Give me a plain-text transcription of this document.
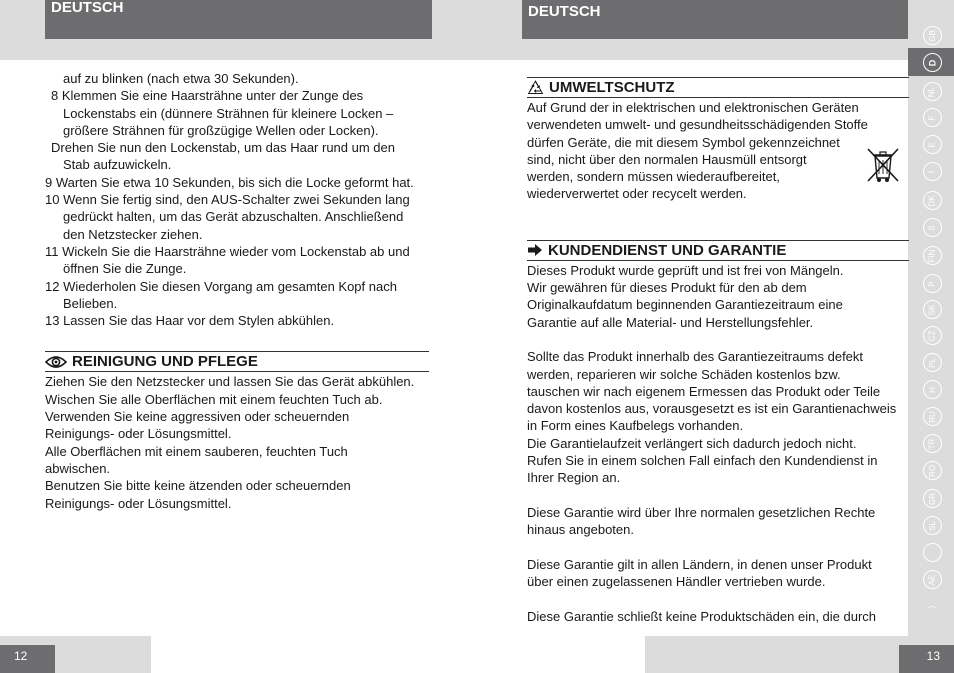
DEUTSCH	DEUTSCH
GB
D
NL
F
E
I
DK
S
FIN
P
SK
CZ
PL
H
RU
TR
RO
GR
SL
AE
)
12	13

auf zu blinken (nach etwa 30 Sekunden).

8 Klemmen Sie eine Haarsträhne unter der Zunge des

Lockenstabs ein (dünnere Strähnen für kleinere Locken –

größere Strähnen für großzügige Wellen oder Locken).

Drehen Sie nun den Lockenstab, um das Haar rund um den

Stab aufzuwickeln.

9 Warten Sie etwa 10 Sekunden, bis sich die Locke geformt hat.

10 Wenn Sie fertig sind, den AUS-Schalter zwei Sekunden lang

gedrückt halten, um das Gerät abzuschalten. Anschließend

den Netzstecker ziehen.

11 Wickeln Sie die Haarsträhne wieder vom Lockenstab ab und

öffnen Sie die Zunge.

12 Wiederholen Sie diesen Vorgang am gesamten Kopf nach

Belieben.

13 Lassen Sie das Haar vor dem Stylen abkühlen.

REINIGUNG UND PFLEGE

Ziehen Sie den Netzstecker und lassen Sie das Gerät abkühlen.

Wischen Sie alle Oberflächen mit einem feuchten Tuch ab.

Verwenden Sie keine aggressiven oder scheuernden

Reinigungs- oder Lösungsmittel.

Alle Oberflächen mit einem sauberen, feuchten Tuch

abwischen.

Benutzen Sie bitte keine ätzenden oder scheuernden

Reinigungs- oder Lösungsmittel.

UMWELTSCHUTZ

Auf Grund der in elektrischen und elektronischen Geräten

verwendeten umwelt- und gesundheitsschädigenden Stoffe

dürfen Geräte, die mit diesem Symbol gekennzeichnet

sind, nicht über den normalen Hausmüll entsorgt

werden, sondern müssen wiederaufbereitet,

wiederverwertet oder recycelt werden.

KUNDENDIENST UND GARANTIE

Dieses Produkt wurde geprüft und ist frei von Mängeln.

Wir gewähren für dieses Produkt für den ab dem

Originalkaufdatum beginnenden Garantiezeitraum eine

Garantie auf alle Material- und Herstellungsfehler.

Sollte das Produkt innerhalb des Garantiezeitraums defekt

werden, reparieren wir solche Schäden kostenlos bzw.

tauschen wir nach eigenem Ermessen das Produkt oder Teile

davon kostenlos aus, vorausgesetzt es ist ein Garantienachweis

in Form eines Kaufbelegs vorhanden.

Die Garantielaufzeit verlängert sich dadurch jedoch nicht.

Rufen Sie in einem solchen Fall einfach den Kundendienst in

Ihrer Region an.

Diese Garantie wird über Ihre normalen gesetzlichen Rechte

hinaus angeboten.

Diese Garantie gilt in allen Ländern, in denen unser Produkt

über einen zugelassenen Händler vertrieben wurde.

Diese Garantie schließt keine Produktschäden ein, die durch
